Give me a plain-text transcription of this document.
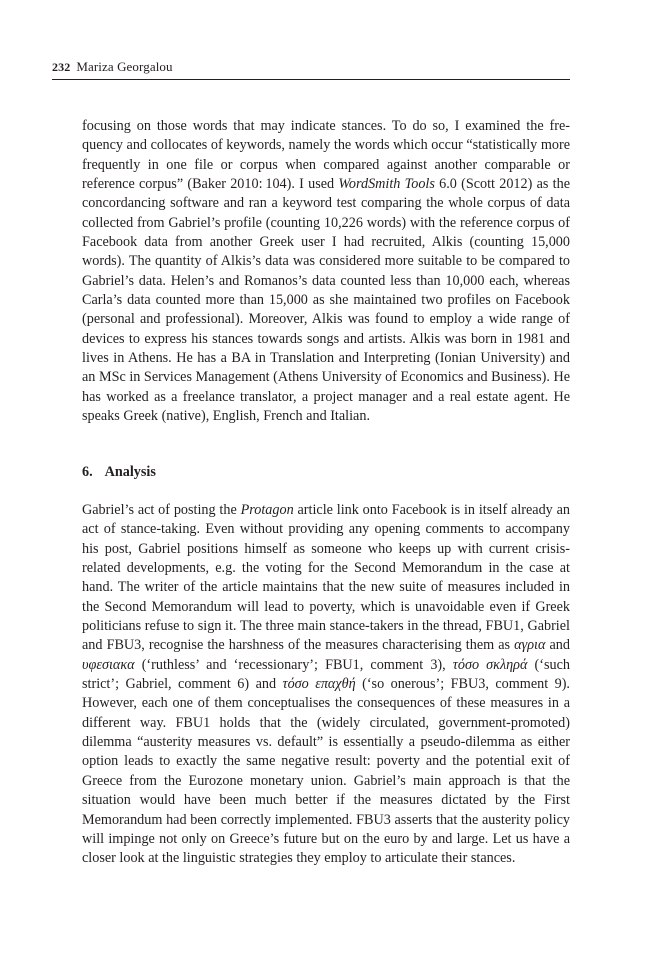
232 Mariza Georgalou

focusing on those words that may indicate stances. To do so, I examined the frequency and collocates of keywords, namely the words which occur “statistically more frequently in one file or corpus when compared against another comparable or reference corpus” (Baker 2010: 104). I used WordSmith Tools 6.0 (Scott 2012) as the concordancing software and ran a keyword test comparing the whole corpus of data collected from Gabriel’s profile (counting 10,226 words) with the reference corpus of Facebook data from another Greek user I had recruited, Alkis (counting 15,000 words). The quantity of Alkis’s data was considered more suitable to be compared to Gabriel’s data. Helen’s and Romanos’s data counted less than 10,000 each, whereas Carla’s data counted more than 15,000 as she maintained two profiles on Facebook (personal and professional). Moreover, Alkis was found to employ a wide range of devices to express his stances towards songs and artists. Alkis was born in 1981 and lives in Athens. He has a BA in Translation and Interpreting (Ionian University) and an MSc in Services Management (Athens University of Economics and Business). He has worked as a freelance translator, a project manager and a real estate agent. He speaks Greek (native), English, French and Italian.

6. Analysis

Gabriel’s act of posting the Protagon article link onto Facebook is in itself already an act of stance-taking. Even without providing any opening comments to accompany his post, Gabriel positions himself as someone who keeps up with current crisis-related developments, e.g. the voting for the Second Memorandum in the case at hand. The writer of the article maintains that the new suite of measures included in the Second Memorandum will lead to poverty, which is unavoidable even if Greek politicians refuse to sign it. The three main stance-takers in the thread, FBU1, Gabriel and FBU3, recognise the harshness of the measures characterising them as αγρια and υφεσιακα (‘ruthless’ and ‘recessionary’; FBU1, comment 3), τόσο σκληρά (‘such strict’; Gabriel, comment 6) and τόσο επαχθή (‘so onerous’; FBU3, comment 9). However, each one of them conceptualises the consequences of these measures in a different way. FBU1 holds that the (widely circulated, government-promoted) dilemma “austerity measures vs. default” is essentially a pseudo-dilemma as either option leads to exactly the same negative result: poverty and the potential exit of Greece from the Eurozone monetary union. Gabriel’s main approach is that the situation would have been much better if the measures dictated by the First Memorandum had been correctly implemented. FBU3 asserts that the austerity policy will impinge not only on Greece’s future but on the euro by and large. Let us have a closer look at the linguistic strategies they employ to articulate their stances.
